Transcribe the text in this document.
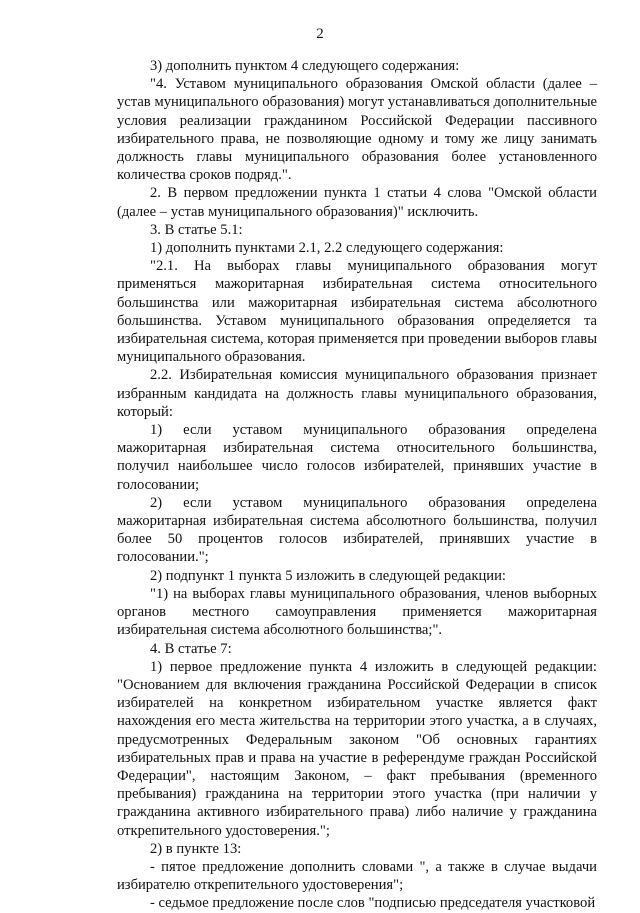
2

3) дополнить пунктом 4 следующего содержания:

"4. Уставом муниципального образования Омской области (далее – устав муниципального образования) могут устанавливаться дополнительные условия реализации гражданином Российской Федерации пассивного избирательного права, не позволяющие одному и тому же лицу занимать должность главы муниципального образования более установленного количества сроков подряд.".

2. В первом предложении пункта 1 статьи 4 слова "Омской области (далее – устав муниципального образования)" исключить.

3. В статье 5.1:

1) дополнить пунктами 2.1, 2.2 следующего содержания:

"2.1. На выборах главы муниципального образования могут применяться мажоритарная избирательная система относительного большинства или мажоритарная избирательная система абсолютного большинства. Уставом муниципального образования определяется та избирательная система, которая применяется при проведении выборов главы муниципального образования.

2.2. Избирательная комиссия муниципального образования признает избранным кандидата на должность главы муниципального образования, который:

1) если уставом муниципального образования определена мажоритарная избирательная система относительного большинства, получил наибольшее число голосов избирателей, принявших участие в голосовании;

2) если уставом муниципального образования определена мажоритарная избирательная система абсолютного большинства, получил более 50 процентов голосов избирателей, принявших участие в голосовании.";

2) подпункт 1 пункта 5 изложить в следующей редакции:

"1) на выборах главы муниципального образования, членов выборных органов местного самоуправления применяется мажоритарная избирательная система абсолютного большинства;".

4. В статье 7:

1) первое предложение пункта 4 изложить в следующей редакции: "Основанием для включения гражданина Российской Федерации в список избирателей на конкретном избирательном участке является факт нахождения его места жительства на территории этого участка, а в случаях, предусмотренных Федеральным законом "Об основных гарантиях избирательных прав и права на участие в референдуме граждан Российской Федерации", настоящим Законом, – факт пребывания (временного пребывания) гражданина на территории этого участка (при наличии у гражданина активного избирательного права) либо наличие у гражданина открепительного удостоверения.";

2) в пункте 13:

- пятое предложение дополнить словами ", а также в случае выдачи избирателю открепительного удостоверения";

- седьмое предложение после слов "подписью председателя участковой
